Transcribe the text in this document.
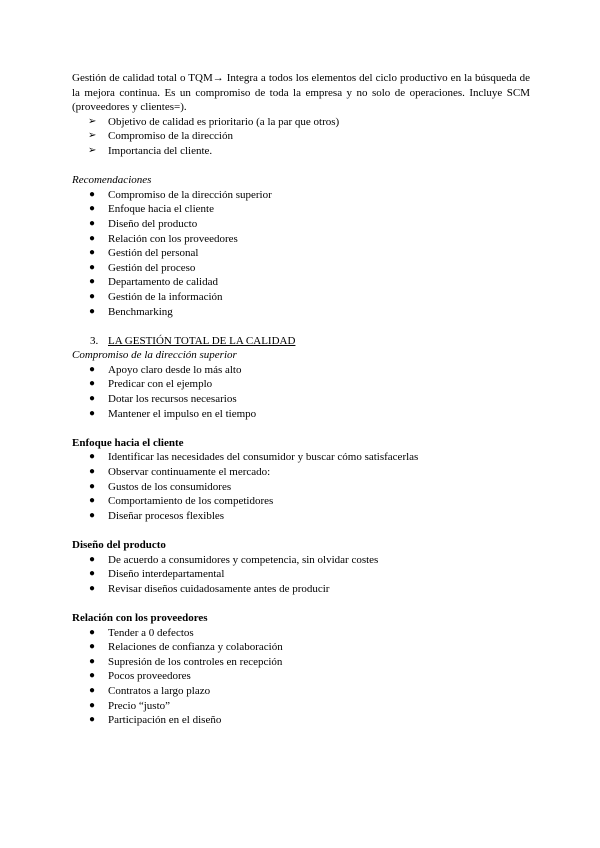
Gestión de calidad total o TQM→ Integra a todos los elementos del ciclo productivo en la búsqueda de la mejora continua. Es un compromiso de toda la empresa y no solo de operaciones. Incluye SCM (proveedores y clientes=).

➢ Objetivo de calidad es prioritario (a la par que otros)
➢ Compromiso de la dirección
➢ Importancia del cliente.

Recomendaciones

● Compromiso de la dirección superior
● Enfoque hacia el cliente
● Diseño del producto
● Relación con los proveedores
● Gestión del personal
● Gestión del proceso
● Departamento de calidad
● Gestión de la información
● Benchmarking

3. LA GESTIÓN TOTAL DE LA CALIDAD

Compromiso de la dirección superior

● Apoyo claro desde lo más alto
● Predicar con el ejemplo
● Dotar los recursos necesarios
● Mantener el impulso en el tiempo

Enfoque hacia el cliente

● Identificar las necesidades del consumidor y buscar cómo satisfacerlas
● Observar continuamente el mercado:
● Gustos de los consumidores
● Comportamiento de los competidores
● Diseñar procesos flexibles

Diseño del producto

● De acuerdo a consumidores y competencia, sin olvidar costes
● Diseño interdepartamental
● Revisar diseños cuidadosamente antes de producir

Relación con los proveedores

● Tender a 0 defectos
● Relaciones de confianza y colaboración
● Supresión de los controles en recepción
● Pocos proveedores
● Contratos a largo plazo
● Precio “justo”
● Participación en el diseño
